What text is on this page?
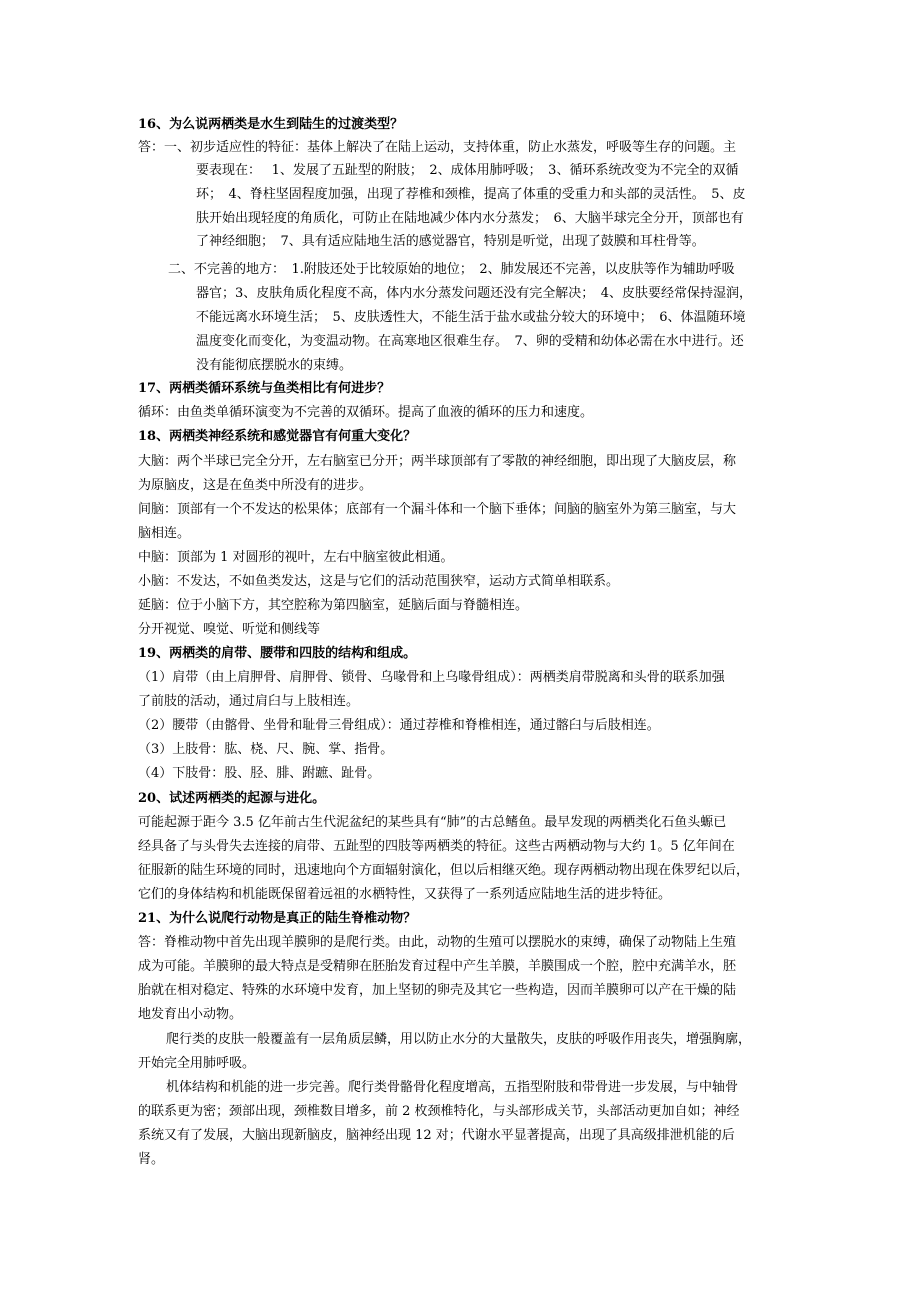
16、为么说两栖类是水生到陆生的过渡类型？
答：一、初步适应性的特征：基体上解决了在陆上运动，支持体重，防止水蒸发，呼吸等生存的问题。主
要表现在：　 1、发展了五趾型的附肢；　2、成体用肺呼吸；　3、循环系统改变为不完全的双循
环；　4、脊柱坚固程度加强，出现了荐椎和颈椎，提高了体重的受重力和头部的灵活性。　5、皮
肤开始出现轻度的角质化，可防止在陆地减少体内水分蒸发；　6、大脑半球完全分开，顶部也有
了神经细胞；　7、具有适应陆地生活的感觉器官，特别是听觉，出现了鼓膜和耳柱骨等。
二、不完善的地方：　1.附肢还处于比较原始的地位；　2、肺发展还不完善，以皮肤等作为辅助呼吸
器官；3、皮肤角质化程度不高，体内水分蒸发问题还没有完全解决；　4、皮肤要经常保持湿润，
不能远离水环境生活；　5、皮肤透性大，不能生活于盐水或盐分较大的环境中；　6、体温随环境
温度变化而变化，为变温动物。在高寒地区很难生存。　7、卵的受精和幼体必需在水中进行。还
没有能彻底摆脱水的束缚。
17、两栖类循环系统与鱼类相比有何进步？
循环：由鱼类单循环演变为不完善的双循环。提高了血液的循环的压力和速度。
18、两栖类神经系统和感觉器官有何重大变化？
大脑：两个半球已完全分开，左右脑室已分开；两半球顶部有了零散的神经细胞，即出现了大脑皮层，称
为原脑皮，这是在鱼类中所没有的进步。
间脑：顶部有一个不发达的松果体；底部有一个漏斗体和一个脑下垂体；间脑的脑室外为第三脑室，与大
脑相连。
中脑：顶部为 1 对圆形的视叶，左右中脑室彼此相通。
小脑：不发达，不如鱼类发达，这是与它们的活动范围狭窄，运动方式简单相联系。
延脑：位于小脑下方，其空腔称为第四脑室，延脑后面与脊髓相连。
分开视觉、嗅觉、听觉和侧线等
19、两栖类的肩带、腰带和四肢的结构和组成。
（1）肩带（由上肩胛骨、肩胛骨、锁骨、乌喙骨和上乌喙骨组成）：两栖类肩带脱离和头骨的联系加强
了前肢的活动，通过肩臼与上肢相连。
（2）腰带（由髂骨、坐骨和耻骨三骨组成）：通过荐椎和脊椎相连，通过髂臼与后肢相连。
（3）上肢骨：肱、桡、尺、腕、掌、指骨。
（4）下肢骨：股、胫、腓、跗蹠、趾骨。
20、试述两栖类的起源与进化。
可能起源于距今 3.5 亿年前古生代泥盆纪的某些具有“肺”的古总鳍鱼。最早发现的两栖类化石鱼头螈已
经具备了与头骨失去连接的肩带、五趾型的四肢等两栖类的特征。这些古两栖动物与大约 1。5 亿年间在
征服新的陆生环境的同时，迅速地向个方面辐射演化，但以后相继灭绝。现存两栖动物出现在侏罗纪以后，
它们的身体结构和机能既保留着远祖的水栖特性，又获得了一系列适应陆地生活的进步特征。
21、为什么说爬行动物是真正的陆生脊椎动物？
答：脊椎动物中首先出现羊膜卵的是爬行类。由此，动物的生殖可以摆脱水的束缚，确保了动物陆上生殖
成为可能。羊膜卵的最大特点是受精卵在胚胎发育过程中产生羊膜，羊膜围成一个腔，腔中充满羊水，胚
胎就在相对稳定、特殊的水环境中发育，加上坚韧的卵壳及其它一些构造，因而羊膜卵可以产在干燥的陆
地发育出小动物。
爬行类的皮肤一般覆盖有一层角质层鳞，用以防止水分的大量散失，皮肤的呼吸作用丧失，增强胸廓，
开始完全用肺呼吸。
机体结构和机能的进一步完善。爬行类骨骼骨化程度增高，五指型附肢和带骨进一步发展，与中轴骨
的联系更为密；颈部出现，颈椎数目增多，前 2 枚颈椎特化，与头部形成关节，头部活动更加自如；神经
系统又有了发展，大脑出现新脑皮，脑神经出现 12 对；代谢水平显著提高，出现了具高级排泄机能的后
肾。
